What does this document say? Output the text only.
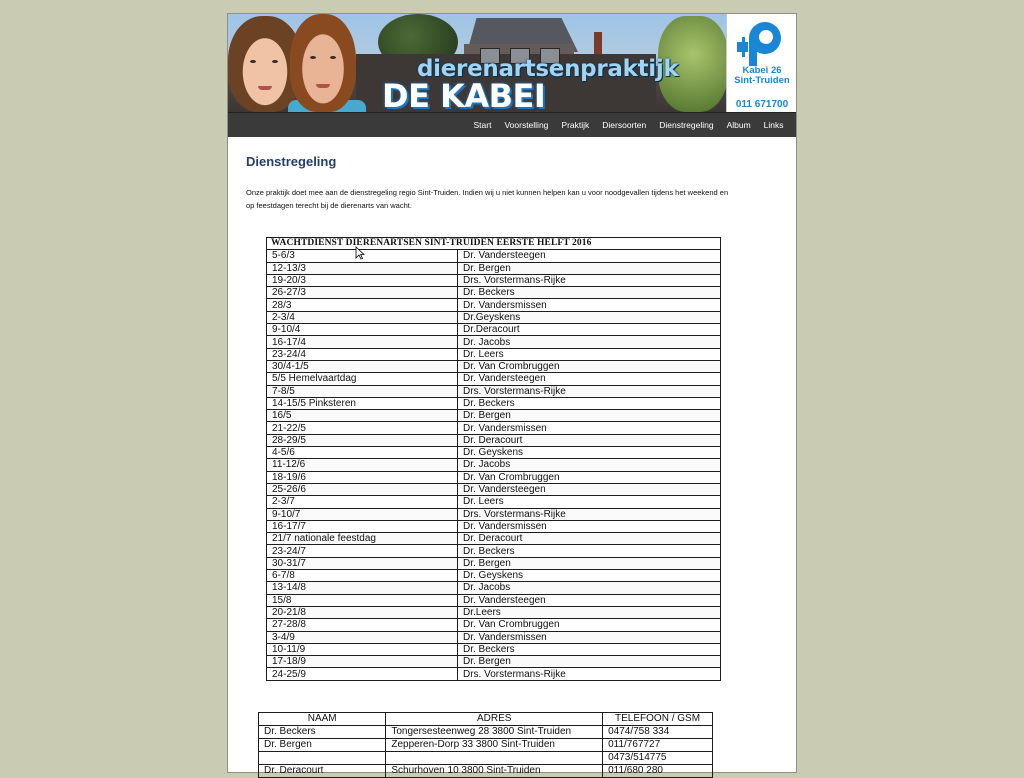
dierenartsenpraktijk
DE KABEI
Kabei 26
Sint-Truiden
011 671700
Start	Voorstelling	Praktijk	Diersoorten	Dienstregeling	Album	Links
Dienstregeling

Onze praktijk doet mee aan de dienstregeling regio Sint-Truiden. Indien wij u niet kunnen helpen kan u voor noodgevallen tijdens het weekend en
op feestdagen terecht bij de dierenarts van wacht.

WACHTDIENST DIERENARTSEN SINT-TRUIDEN EERSTE HELFT 2016	
5-6/3	Dr. Vandersteegen
12-13/3	Dr. Bergen
19-20/3	Drs. Vorstermans-Rijke
26-27/3	Dr. Beckers
28/3	Dr. Vandersmissen
2-3/4	Dr.Geyskens
9-10/4	Dr.Deracourt
16-17/4	Dr. Jacobs
23-24/4	Dr. Leers
30/4-1/5	Dr. Van Crombruggen
5/5 Hemelvaartdag	Dr. Vandersteegen
7-8/5	Drs. Vorstermans-Rijke
14-15/5 Pinksteren	Dr. Beckers
16/5	Dr. Bergen
21-22/5	Dr. Vandersmissen
28-29/5	Dr. Deracourt
4-5/6	Dr. Geyskens
11-12/6	Dr. Jacobs
18-19/6	Dr. Van Crombruggen
25-26/6	Dr. Vandersteegen
2-3/7	Dr. Leers
9-10/7	Drs. Vorstermans-Rijke
16-17/7	Dr. Vandersmissen
21/7 nationale feestdag	Dr. Deracourt
23-24/7	Dr. Beckers
30-31/7	Dr. Bergen
6-7/8	Dr. Geyskens
13-14/8	Dr. Jacobs
15/8	Dr. Vandersteegen
20-21/8	Dr.Leers
27-28/8	Dr. Van Crombruggen
3-4/9	Dr. Vandersmissen
10-11/9	Dr. Beckers
17-18/9	Dr. Bergen
24-25/9	Drs. Vorstermans-Rijke
NAAM	ADRES	TELEFOON / GSM
Dr. Beckers	Tongersesteenweg 28 3800 Sint-Truiden	0474/758 334
Dr. Bergen	Zepperen-Dorp 33 3800 Sint-Truiden	011/767727
		0473/514775
Dr. Deracourt	Schurhoven 10 3800 Sint-Truiden	011/680 280
